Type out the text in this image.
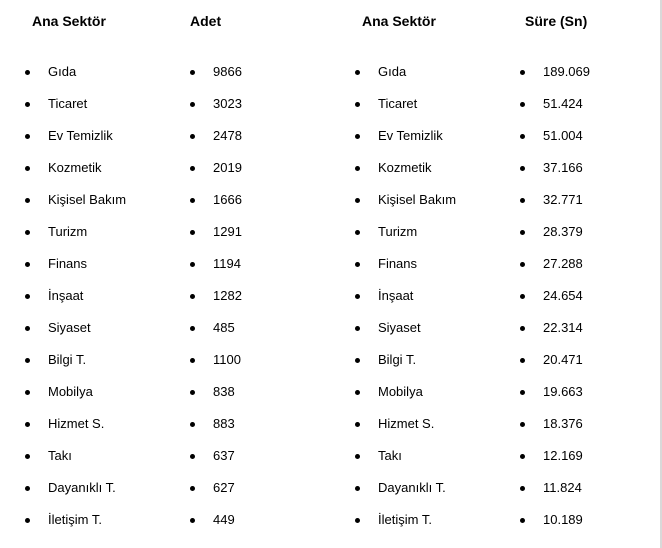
Ana Sektör
Gıda
Ticaret
Ev Temizlik
Kozmetik
Kişisel Bakım
Turizm
Finans
İnşaat
Siyaset
Bilgi T.
Mobilya
Hizmet S.
Takı
Dayanıklı T.
İletişim T.
Adet
9866
3023
2478
2019
1666
1291
1194
1282
485
1100
838
883
637
627
449
Ana Sektör
Gıda
Ticaret
Ev Temizlik
Kozmetik
Kişisel Bakım
Turizm
Finans
İnşaat
Siyaset
Bilgi T.
Mobilya
Hizmet S.
Takı
Dayanıklı T.
İletişim T.
Süre (Sn)
189.069
51.424
51.004
37.166
32.771
28.379
27.288
24.654
22.314
20.471
19.663
18.376
12.169
11.824
10.189
